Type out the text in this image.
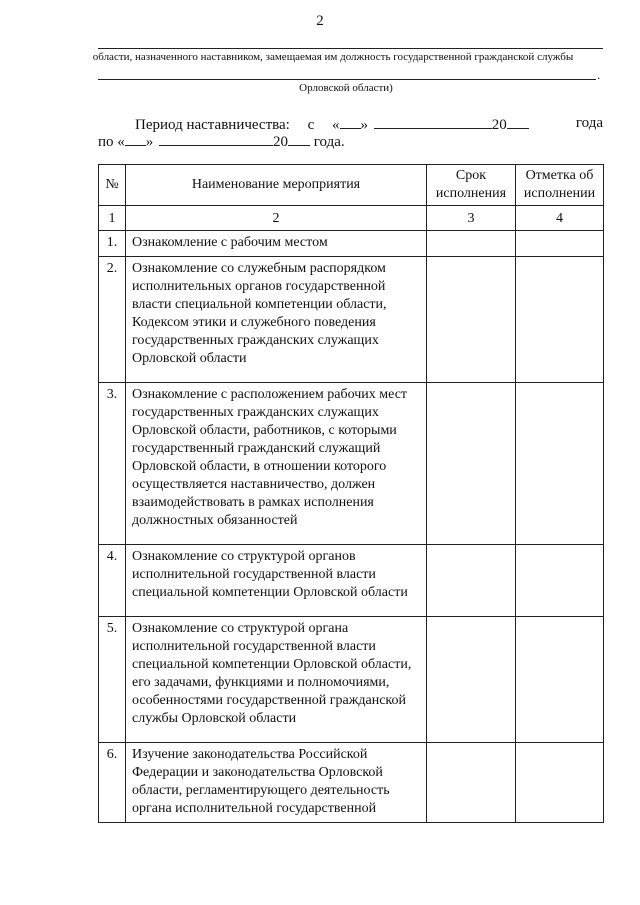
2
области, назначенного наставником, замещаемая им должность государственной гражданской службы
.
Орловской области)
Период наставничества: с « »	20	года
по « »	20 года.
№	Наименование мероприятия	Срок исполнения	Отметка об исполнении
1	2	3	4
1.	Ознакомление с рабочим местом		
2.	Ознакомление со служебным распорядком исполнительных органов государственной власти специальной компетенции области, Кодексом этики и служебного поведения государственных гражданских служащих Орловской области		
3.	Ознакомление с расположением рабочих мест государственных гражданских служащих Орловской области, работников, с которыми государственный гражданский служащий Орловской области, в отношении которого осуществляется наставничество, должен взаимодействовать в рамках исполнения должностных обязанностей		
4.	Ознакомление со структурой органов исполнительной государственной власти специальной компетенции Орловской области		
5.	Ознакомление со структурой органа исполнительной государственной власти специальной компетенции Орловской области, его задачами, функциями и полномочиями, особенностями государственной гражданской службы Орловской области		
6.	Изучение законодательства Российской Федерации и законодательства Орловской области, регламентирующего деятельность органа исполнительной государственной		
